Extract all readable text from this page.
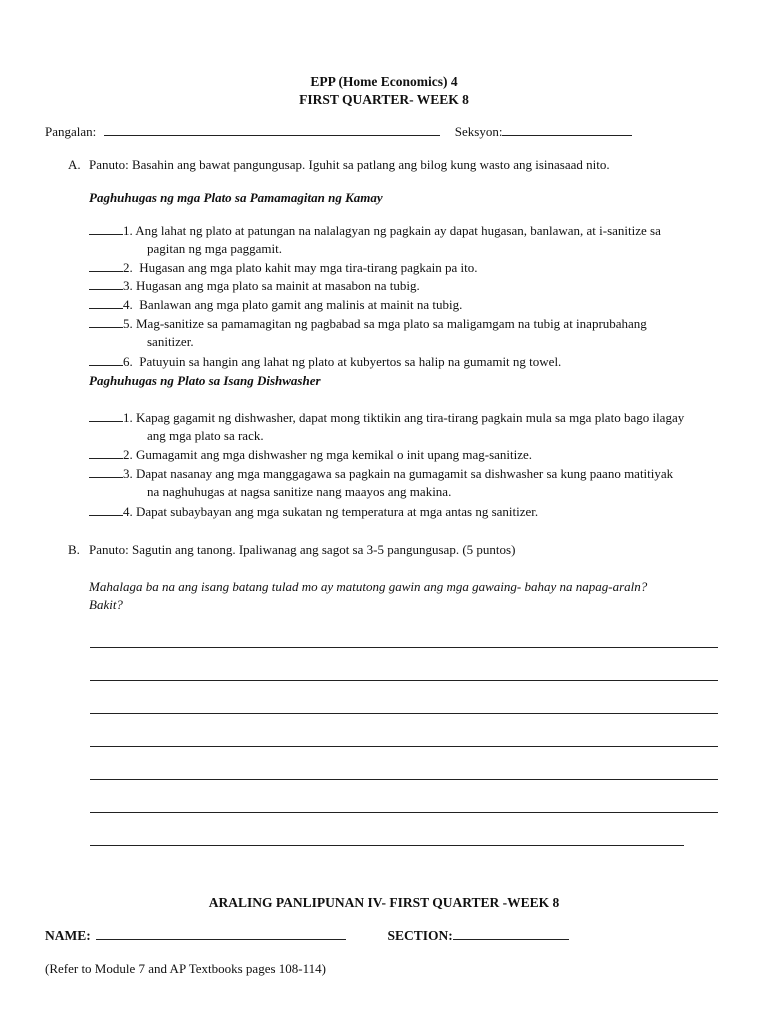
EPP (Home Economics) 4
FIRST QUARTER- WEEK 8
Pangalan:	Seksyon:
A. Panuto: Basahin ang bawat pangungusap. Iguhit sa patlang ang bilog kung wasto ang isinasaad nito.
Paghuhugas ng mga Plato sa Pamamagitan ng Kamay
1. Ang lahat ng plato at patungan na nalalagyan ng pagkain ay dapat hugasan, banlawan, at i-sanitize sa
pagitan ng mga paggamit.
2. Hugasan ang mga plato kahit may mga tira-tirang pagkain pa ito.
3. Hugasan ang mga plato sa mainit at masabon na tubig.
4. Banlawan ang mga plato gamit ang malinis at mainit na tubig.
5. Mag-sanitize sa pamamagitan ng pagbabad sa mga plato sa maligamgam na tubig at inaprubahang
sanitizer.
6. Patuyuin sa hangin ang lahat ng plato at kubyertos sa halip na gumamit ng towel.
Paghuhugas ng Plato sa Isang Dishwasher
1. Kapag gagamit ng dishwasher, dapat mong tiktikin ang tira-tirang pagkain mula sa mga plato bago ilagay
ang mga plato sa rack.
2. Gumagamit ang mga dishwasher ng mga kemikal o init upang mag-sanitize.
3. Dapat nasanay ang mga manggagawa sa pagkain na gumagamit sa dishwasher sa kung paano matitiyak
na naghuhugas at nagsa sanitize nang maayos ang makina.
4. Dapat subaybayan ang mga sukatan ng temperatura at mga antas ng sanitizer.
B. Panuto: Sagutin ang tanong. Ipaliwanag ang sagot sa 3-5 pangungusap. (5 puntos)
Mahalaga ba na ang isang batang tulad mo ay matutong gawin ang mga gawaing- bahay na napag-araln?
Bakit?
ARALING PANLIPUNAN IV- FIRST QUARTER -WEEK 8
NAME:	SECTION:
(Refer to Module 7 and AP Textbooks pages 108-114)
